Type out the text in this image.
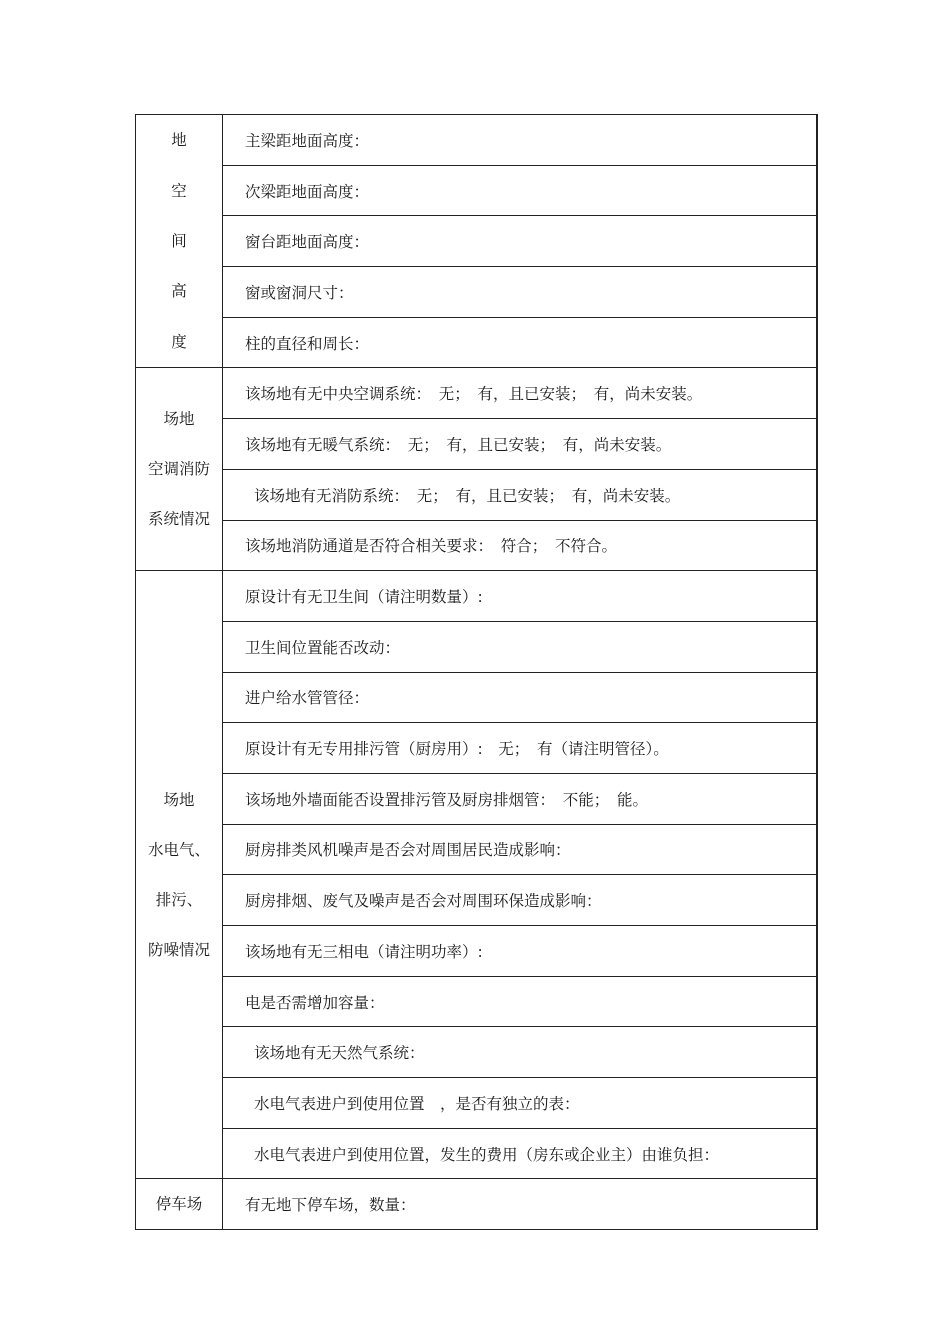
地
空
间
高
度	主梁距地面高度：
	次梁距地面高度：
	窗台距地面高度：
	窗或窗洞尺寸：
	柱的直径和周长：

场地
空调消防
系统情况	该场地有无中央空调系统：　无；　有，且已安装；　有，尚未安装。
	该场地有无暖气系统：　无；　有，且已安装；　有，尚未安装。
	该场地有无消防系统：　无；　有，且已安装；　有，尚未安装。
	该场地消防通道是否符合相关要求：　符合；　不符合。

场地
水电气、
排污、
防噪情况	原设计有无卫生间（请注明数量）:
	卫生间位置能否改动：
	进户给水管管径：
	原设计有无专用排污管（厨房用）:　无；　有（请注明管径）。
	该场地外墙面能否设置排污管及厨房排烟管：　不能；　能。
	厨房排类风机噪声是否会对周围居民造成影响：
	厨房排烟、废气及噪声是否会对周围环保造成影响：
	该场地有无三相电（请注明功率）:
	电是否需增加容量：
	该场地有无天然气系统：
	水电气表进户到使用位置　，是否有独立的表：
	水电气表进户到使用位置，发生的费用（房东或企业主）由谁负担：

停车场	有无地下停车场，数量：
